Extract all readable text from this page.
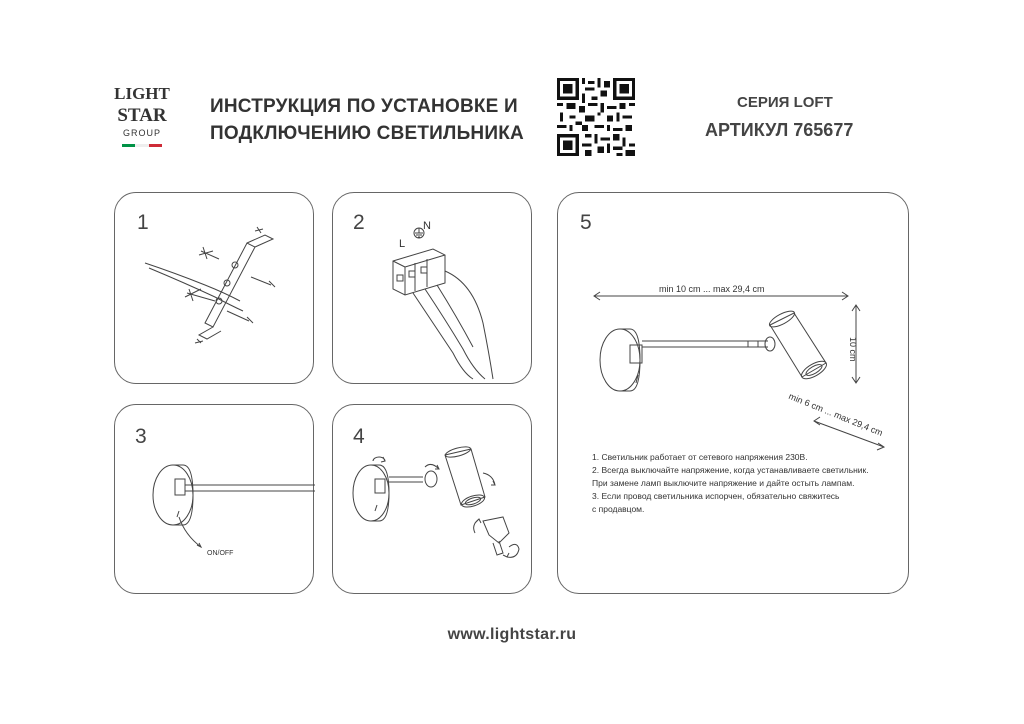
LIGHT
STAR
GROUP
ИНСТРУКЦИЯ ПО УСТАНОВКЕ И
ПОДКЛЮЧЕНИЮ СВЕТИЛЬНИКА
СЕРИЯ LOFT
АРТИКУЛ 765677
1	2	N
L
3
ON/OFF
4
5
min 10 cm ... max 29,4 cm
10 cm
min 6 cm ... max 29,4 cm
1. Светильник работает от сетевого напряжения 230В.
2. Всегда выключайте напряжение, когда устанавливаете светильник.
При замене ламп выключите напряжение и дайте остыть лампам.
3. Если провод светильника испорчен, обязательно свяжитесь
с продавцом.
www.lightstar.ru
